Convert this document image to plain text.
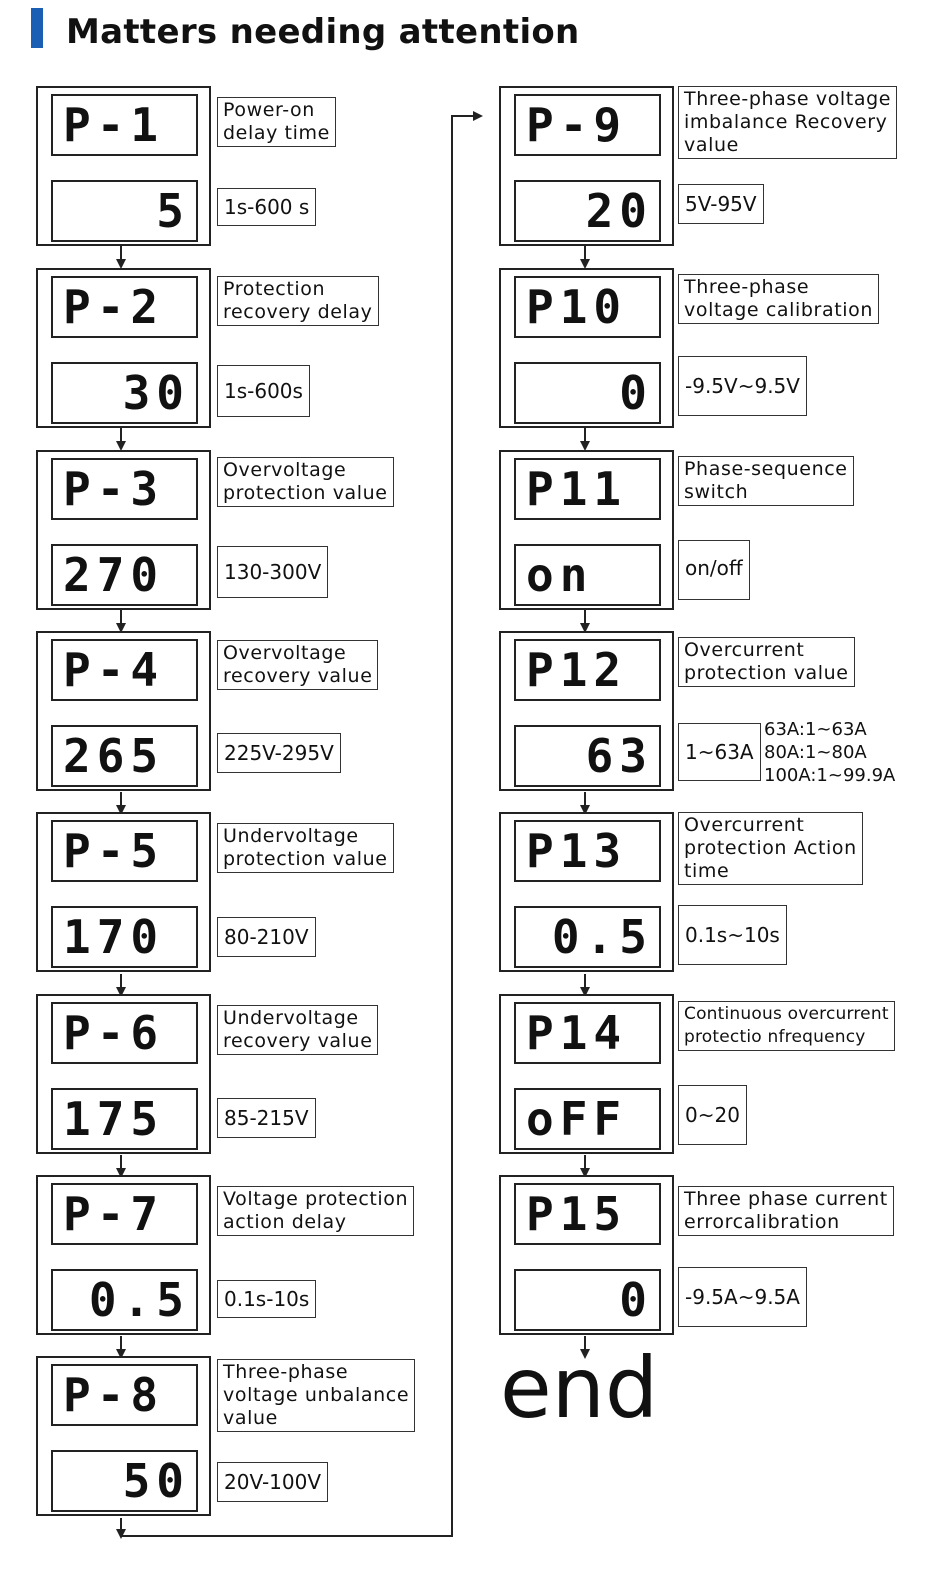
Matters needing attention
P-1
5
Power-on
delay time
1s-600 s
P-2
30
Protection
recovery delay
1s-600s
P-3
270
Overvoltage
protection value
130-300V
P-4
265
Overvoltage
recovery value
225V-295V
P-5
170
Undervoltage
protection value
80-210V
P-6
175
Undervoltage
recovery value
85-215V
P-7
0.5
Voltage protection
action delay
0.1s-10s
P-8
50
Three-phase
voltage unbalance
value
20V-100V
P-9
20
Three-phase voltage
imbalance Recovery
value
5V-95V
P10
0
Three-phase
voltage calibration
-9.5V~9.5V
P11
on
Phase-sequence
switch
on/off
P12
63
Overcurrent
protection value
1~63A
63A:1~63A
80A:1~80A
100A:1~99.9A
P13
0.5
Overcurrent
protection Action
time
0.1s~10s
P14
oFF
Continuous overcurrent
protectio nfrequency
0~20
P15
0
Three phase current
errorcalibration
-9.5A~9.5A
end
